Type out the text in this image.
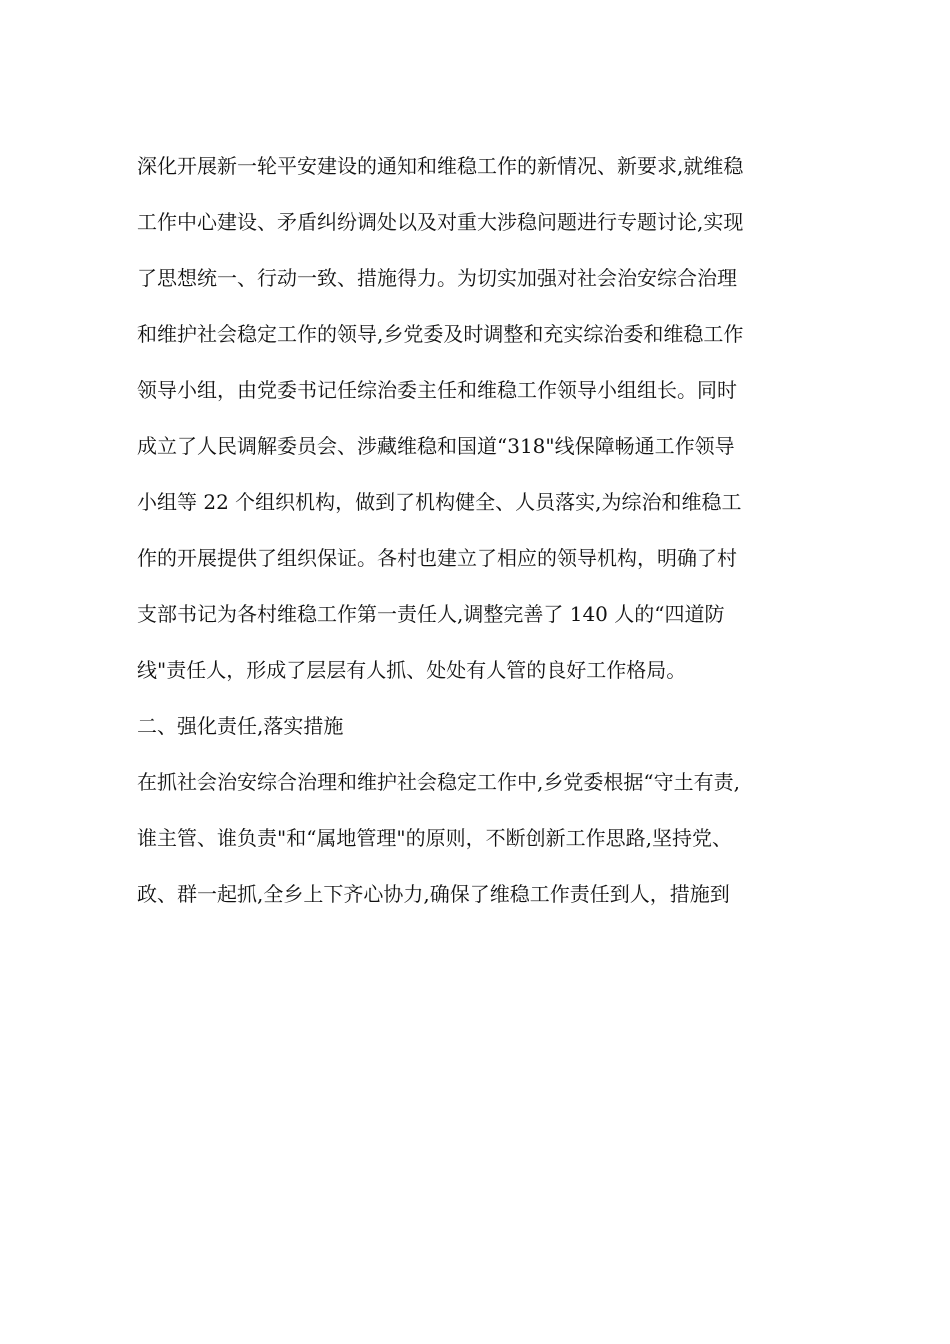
深化开展新一轮平安建设的通知和维稳工作的新情况、新要求,就维稳
工作中心建设、矛盾纠纷调处以及对重大涉稳问题进行专题讨论,实现
了思想统一、行动一致、措施得力。为切实加强对社会治安综合治理
和维护社会稳定工作的领导,乡党委及时调整和充实综治委和维稳工作
领导小组，由党委书记任综治委主任和维稳工作领导小组组长。同时
成立了人民调解委员会、涉藏维稳和国道“318"线保障畅通工作领导
小组等 22 个组织机构，做到了机构健全、人员落实,为综治和维稳工
作的开展提供了组织保证。各村也建立了相应的领导机构，明确了村
支部书记为各村维稳工作第一责任人,调整完善了 140 人的“四道防
线"责任人，形成了层层有人抓、处处有人管的良好工作格局。
二、强化责任,落实措施
在抓社会治安综合治理和维护社会稳定工作中,乡党委根据“守土有责,
谁主管、谁负责"和“属地管理"的原则，不断创新工作思路,坚持党、
政、群一起抓,全乡上下齐心协力,确保了维稳工作责任到人，措施到
